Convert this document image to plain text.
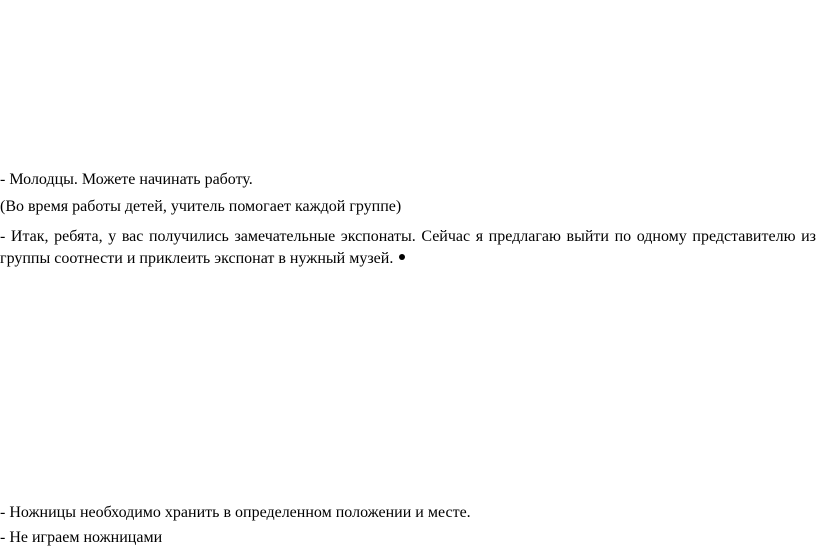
- Молодцы. Можете начинать работу.

(Во время работы детей, учитель помогает каждой группе)

- Итак, ребята, у вас получились замечательные экспонаты. Сейчас я предлагаю выйти по одному представителю из группы соотнести и приклеить экспонат в нужный музей.

- Ножницы необходимо хранить в определенном положении и месте.

- Не играем ножницами
